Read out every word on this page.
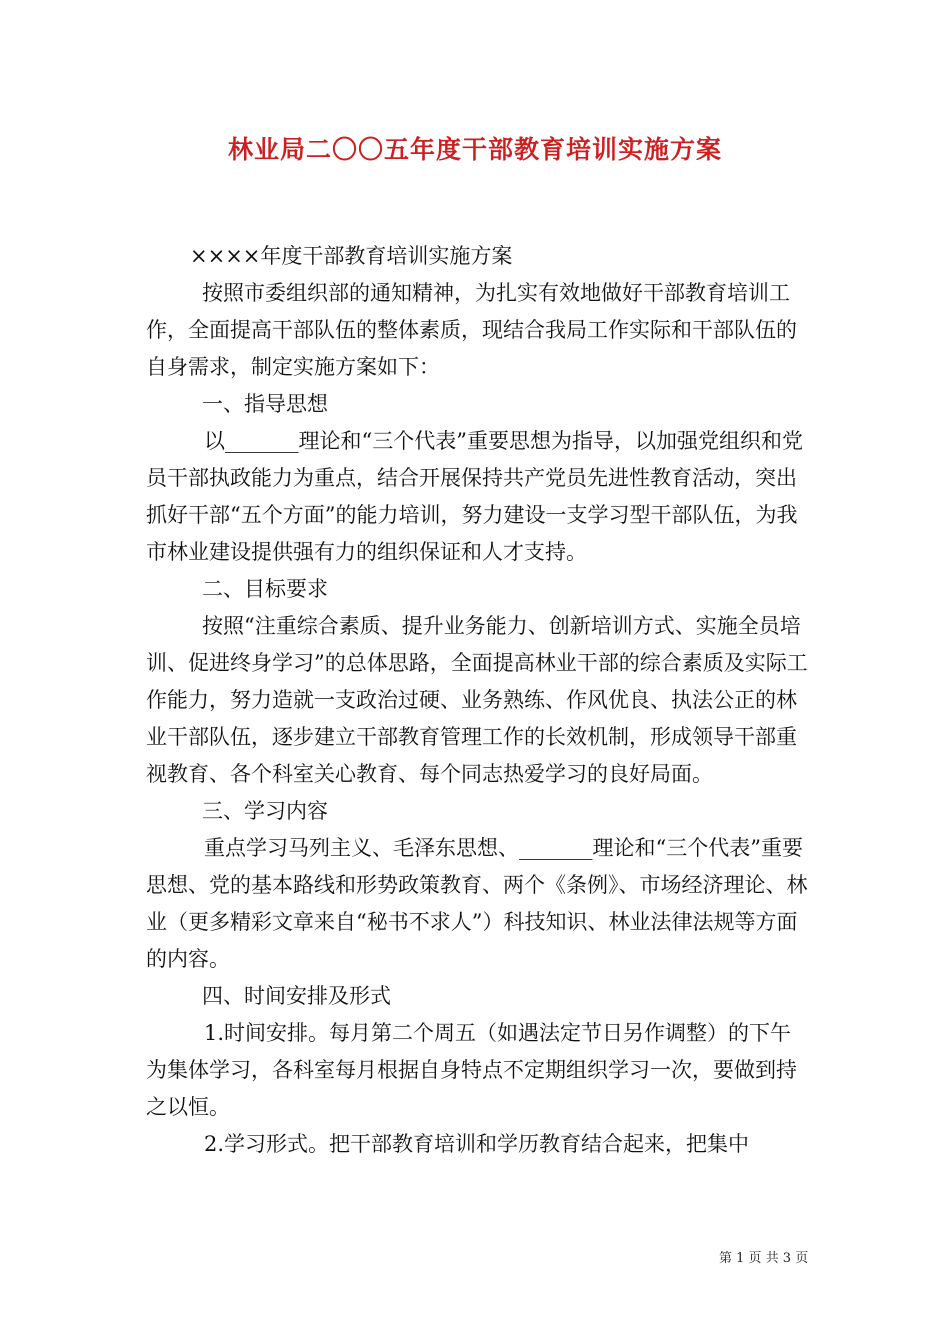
林业局二〇〇五年度干部教育培训实施方案

××××年度干部教育培训实施方案

按照市委组织部的通知精神，为扎实有效地做好干部教育培训工作，全面提高干部队伍的整体素质，现结合我局工作实际和干部队伍的自身需求，制定实施方案如下：

一、指导思想

以_______理论和“三个代表”重要思想为指导，以加强党组织和党员干部执政能力为重点，结合开展保持共产党员先进性教育活动，突出抓好干部“五个方面”的能力培训，努力建设一支学习型干部队伍，为我市林业建设提供强有力的组织保证和人才支持。

二、目标要求

按照“注重综合素质、提升业务能力、创新培训方式、实施全员培训、促进终身学习”的总体思路，全面提高林业干部的综合素质及实际工作能力，努力造就一支政治过硬、业务熟练、作风优良、执法公正的林业干部队伍，逐步建立干部教育管理工作的长效机制，形成领导干部重视教育、各个科室关心教育、每个同志热爱学习的良好局面。

三、学习内容

重点学习马列主义、毛泽东思想、_______理论和“三个代表”重要思想、党的基本路线和形势政策教育、两个《条例》、市场经济理论、林业（更多精彩文章来自“秘书不求人”）科技知识、林业法律法规等方面的内容。

四、时间安排及形式

1.时间安排。每月第二个周五（如遇法定节日另作调整）的下午为集体学习，各科室每月根据自身特点不定期组织学习一次，要做到持之以恒。

2.学习形式。把干部教育培训和学历教育结合起来，把集中

第 1 页 共 3 页
